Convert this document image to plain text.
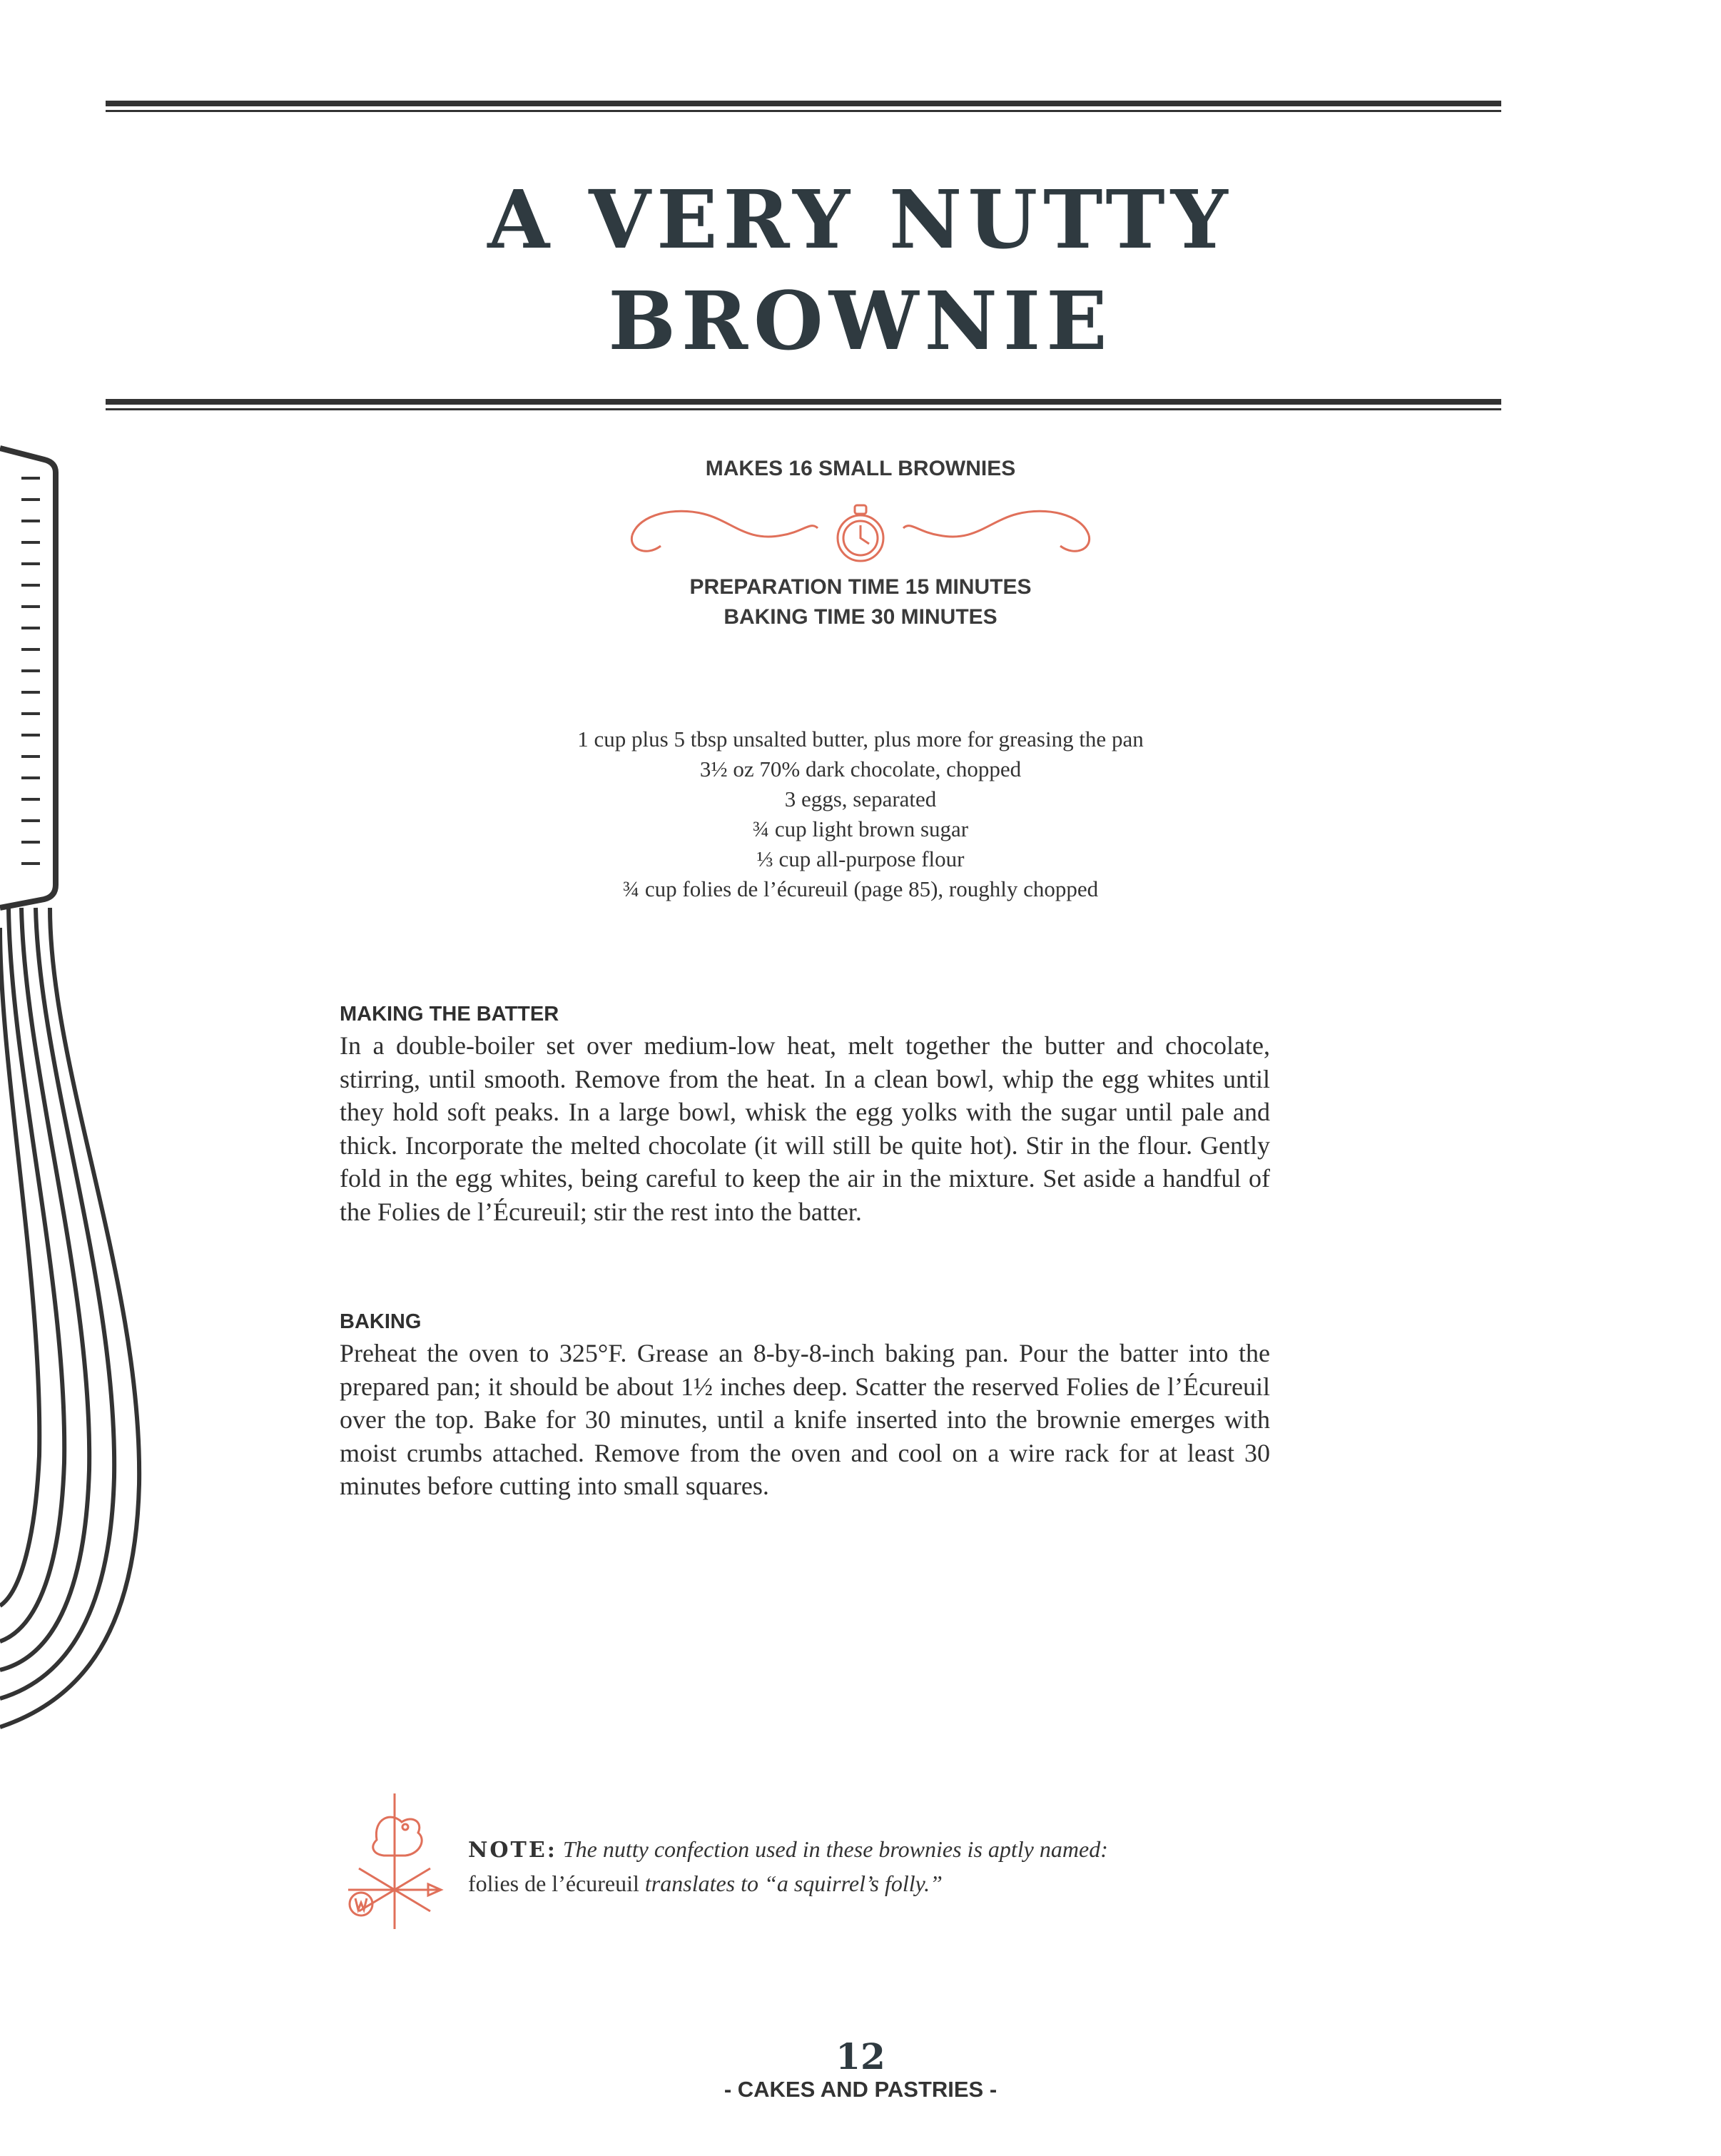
A VERY NUTTY
BROWNIE
MAKES 16 SMALL BROWNIES
PREPARATION TIME 15 MINUTES
BAKING TIME 30 MINUTES
1 cup plus 5 tbsp unsalted butter, plus more for greasing the pan
3½ oz 70% dark chocolate, chopped
3 eggs, separated
¾ cup light brown sugar
⅓ cup all-purpose flour
¾ cup folies de l’écureuil (page 85), roughly chopped
MAKING THE BATTER

In a double-boiler set over medium-low heat, melt together the butter and chocolate, stirring, until smooth. Remove from the heat. In a clean bowl, whip the egg whites until they hold soft peaks. In a large bowl, whisk the egg yolks with the sugar until pale and thick. Incorporate the melted chocolate (it will still be quite hot). Stir in the flour. Gently fold in the egg whites, being careful to keep the air in the mixture. Set aside a handful of the Folies de l’Écureuil; stir the rest into the batter.

BAKING

Preheat the oven to 325°F. Grease an 8-by-8-inch baking pan. Pour the batter into the prepared pan; it should be about 1½ inches deep. Scatter the reserved Folies de l’Écureuil over the top. Bake for 30 minutes, until a knife inserted into the brownie emerges with moist crumbs attached. Remove from the oven and cool on a wire rack for at least 30 minutes before cutting into small squares.

NOTE: The nutty confection used in these brownies is aptly named:
folies de l’écureuil translates to “a squirrel’s folly.”
12
- CAKES AND PASTRIES -
